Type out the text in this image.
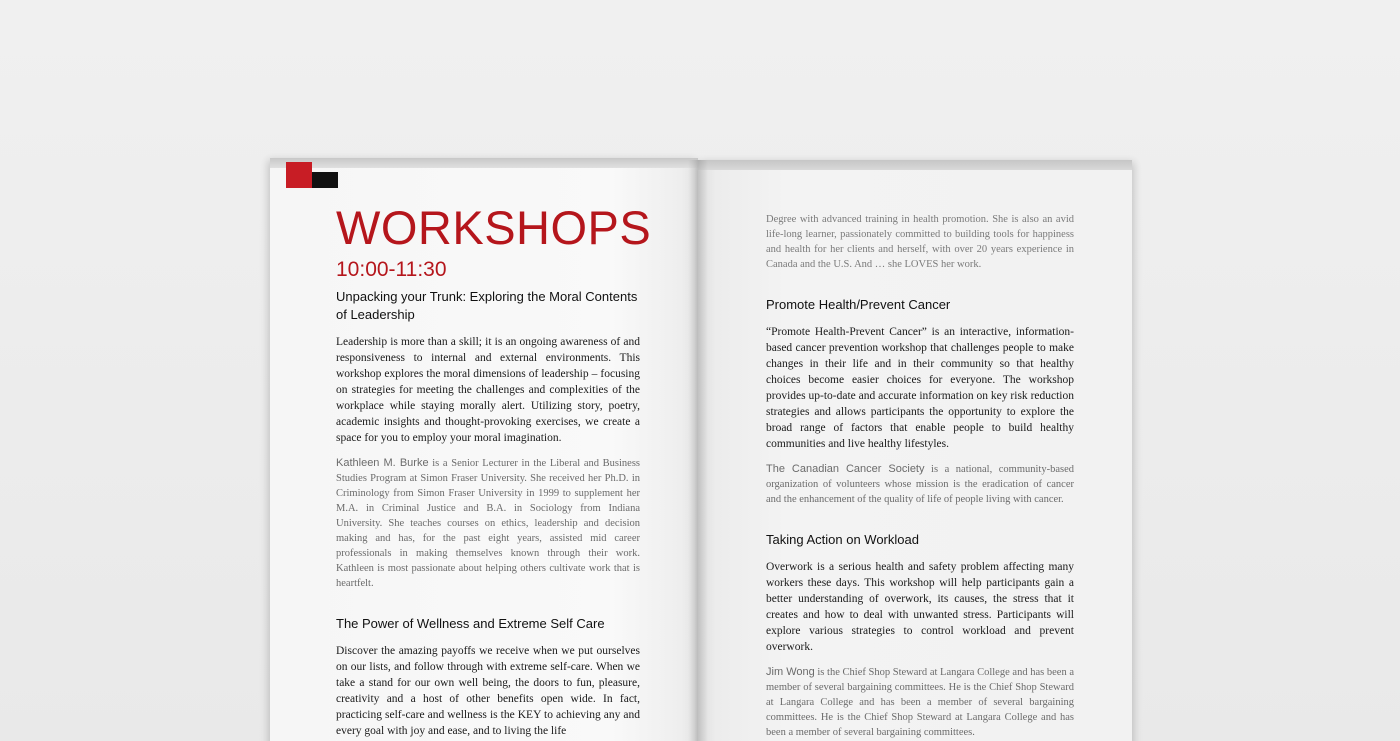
WORKSHOPS
10:00-11:30
Unpacking your Trunk: Exploring the Moral Contents of Leadership

Leadership is more than a skill; it is an ongoing awareness of and responsiveness to internal and external environments. This workshop explores the moral dimensions of leadership – focusing on strategies for meeting the challenges and complexities of the workplace while staying morally alert. Utilizing story, poetry, academic insights and thought-provoking exercises, we create a space for you to employ your moral imagination.

Kathleen M. Burke is a Senior Lecturer in the Liberal and Business Studies Program at Simon Fraser University. She received her Ph.D. in Criminology from Simon Fraser University in 1999 to supplement her M.A. in Criminal Justice and B.A. in Sociology from Indiana University. She teaches courses on ethics, leadership and decision making and has, for the past eight years, assisted mid career professionals in making themselves known through their work. Kathleen is most passionate about helping others cultivate work that is heartfelt.

The Power of Wellness and Extreme Self Care

Discover the amazing payoffs we receive when we put ourselves on our lists, and follow through with extreme self-care. When we take a stand for our own well being, the doors to fun, pleasure, creativity and a host of other benefits open wide. In fact, practicing self-care and wellness is the KEY to achieving any and every goal with joy and ease, and to living the life

Degree with advanced training in health promotion. She is also an avid life-long learner, passionately committed to building tools for happiness and health for her clients and herself, with over 20 years experience in Canada and the U.S. And … she LOVES her work.

Promote Health/Prevent Cancer

“Promote Health-Prevent Cancer” is an interactive, information-based cancer prevention workshop that challenges people to make changes in their life and in their community so that healthy choices become easier choices for everyone. The workshop provides up-to-date and accurate information on key risk reduction strategies and allows participants the opportunity to explore the broad range of factors that enable people to build healthy communities and live healthy lifestyles.

The Canadian Cancer Society is a national, community-based organization of volunteers whose mission is the eradication of cancer and the enhancement of the quality of life of people living with cancer.

Taking Action on Workload

Overwork is a serious health and safety problem affecting many workers these days. This workshop will help participants gain a better understanding of overwork, its causes, the stress that it creates and how to deal with unwanted stress. Participants will explore various strategies to control workload and prevent overwork.

Jim Wong is the Chief Shop Steward at Langara College and has been a member of several bargaining committees. He is the Chief Shop Steward at Langara College and has been a member of several bargaining committees. He is the Chief Shop Steward at Langara College and has been a member of several bargaining committees.
